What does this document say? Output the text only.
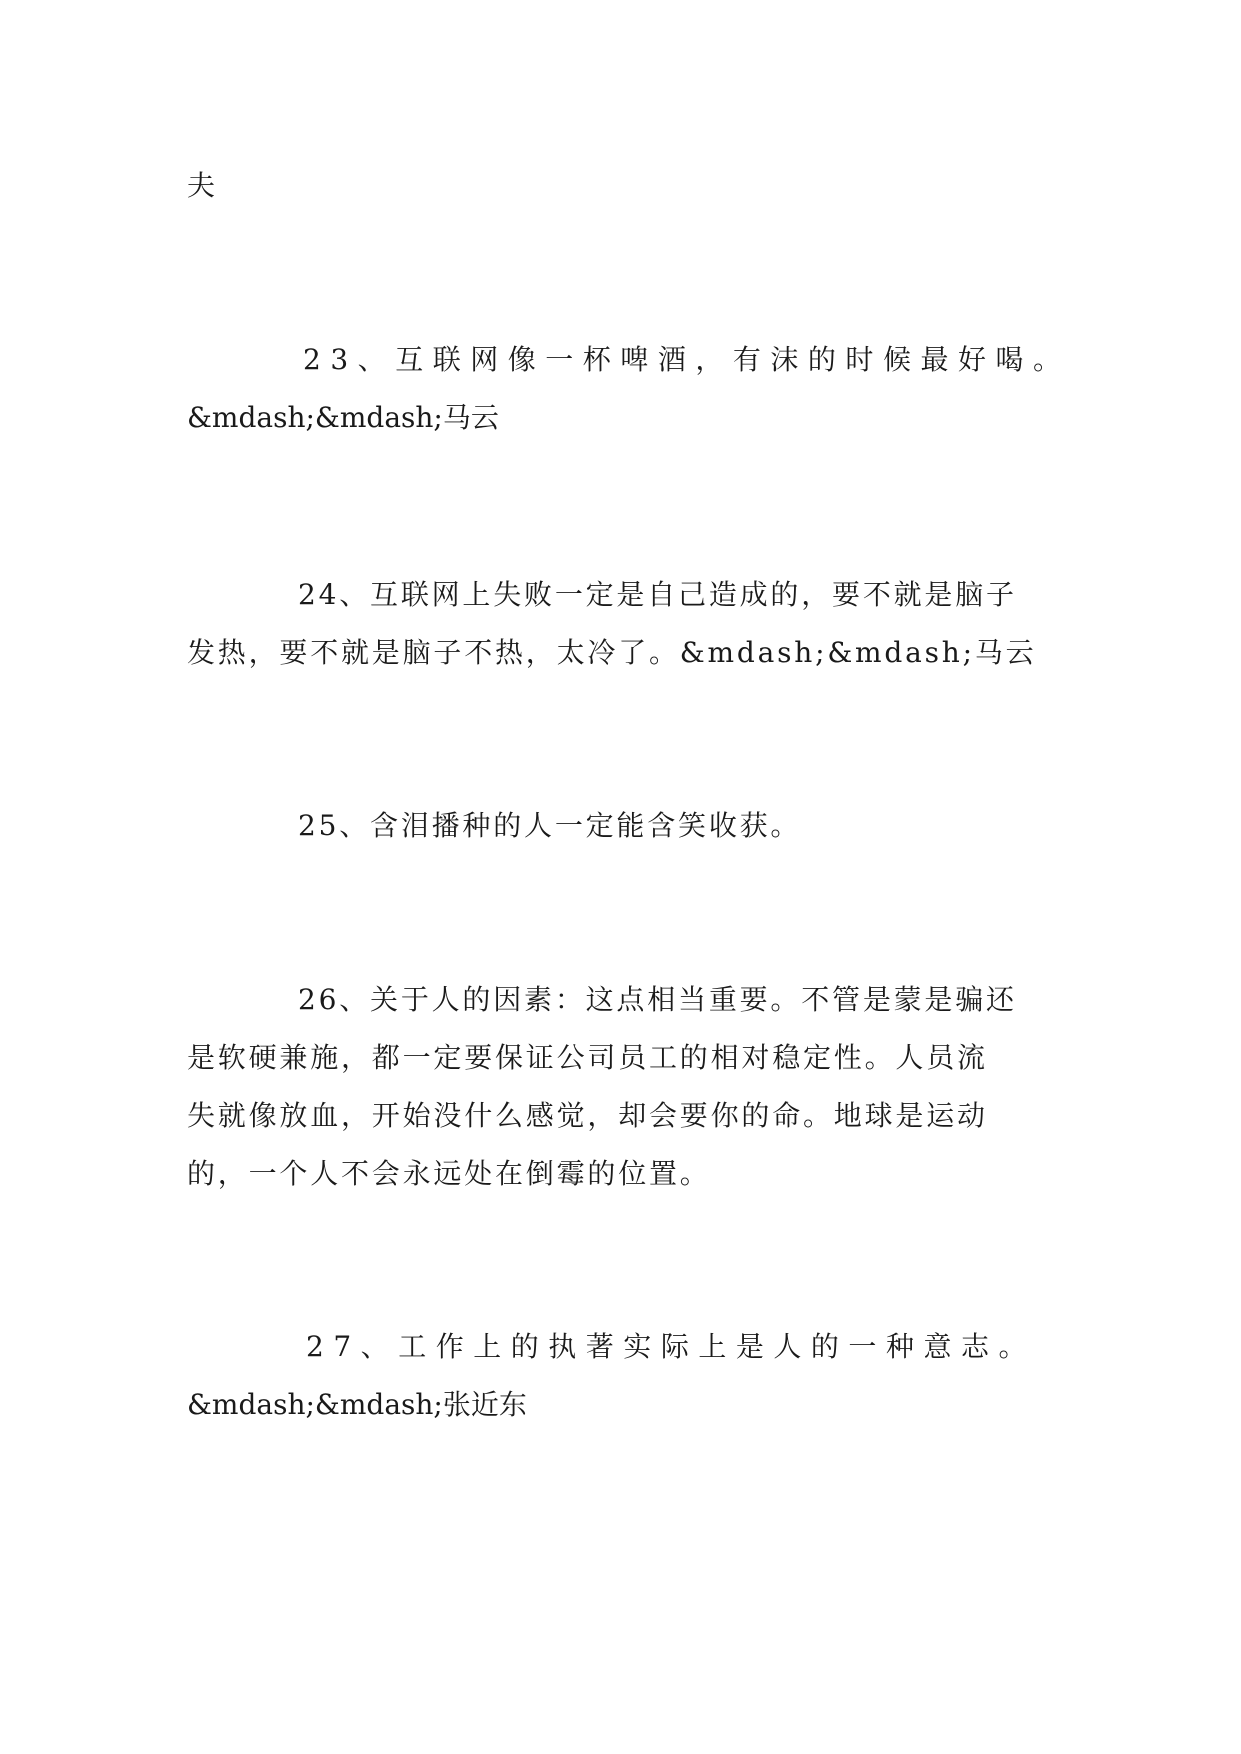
夫
23、互联网像一杯啤酒，有沫的时候最好喝。
&mdash;&mdash;马云
24、互联网上失败一定是自己造成的，要不就是脑子
发热，要不就是脑子不热，太冷了。&mdash;&mdash;马云
25、含泪播种的人一定能含笑收获。
26、关于人的因素：这点相当重要。不管是蒙是骗还
是软硬兼施，都一定要保证公司员工的相对稳定性。人员流
失就像放血，开始没什么感觉，却会要你的命。地球是运动
的，一个人不会永远处在倒霉的位置。
27、工作上的执著实际上是人的一种意志。
&mdash;&mdash;张近东
